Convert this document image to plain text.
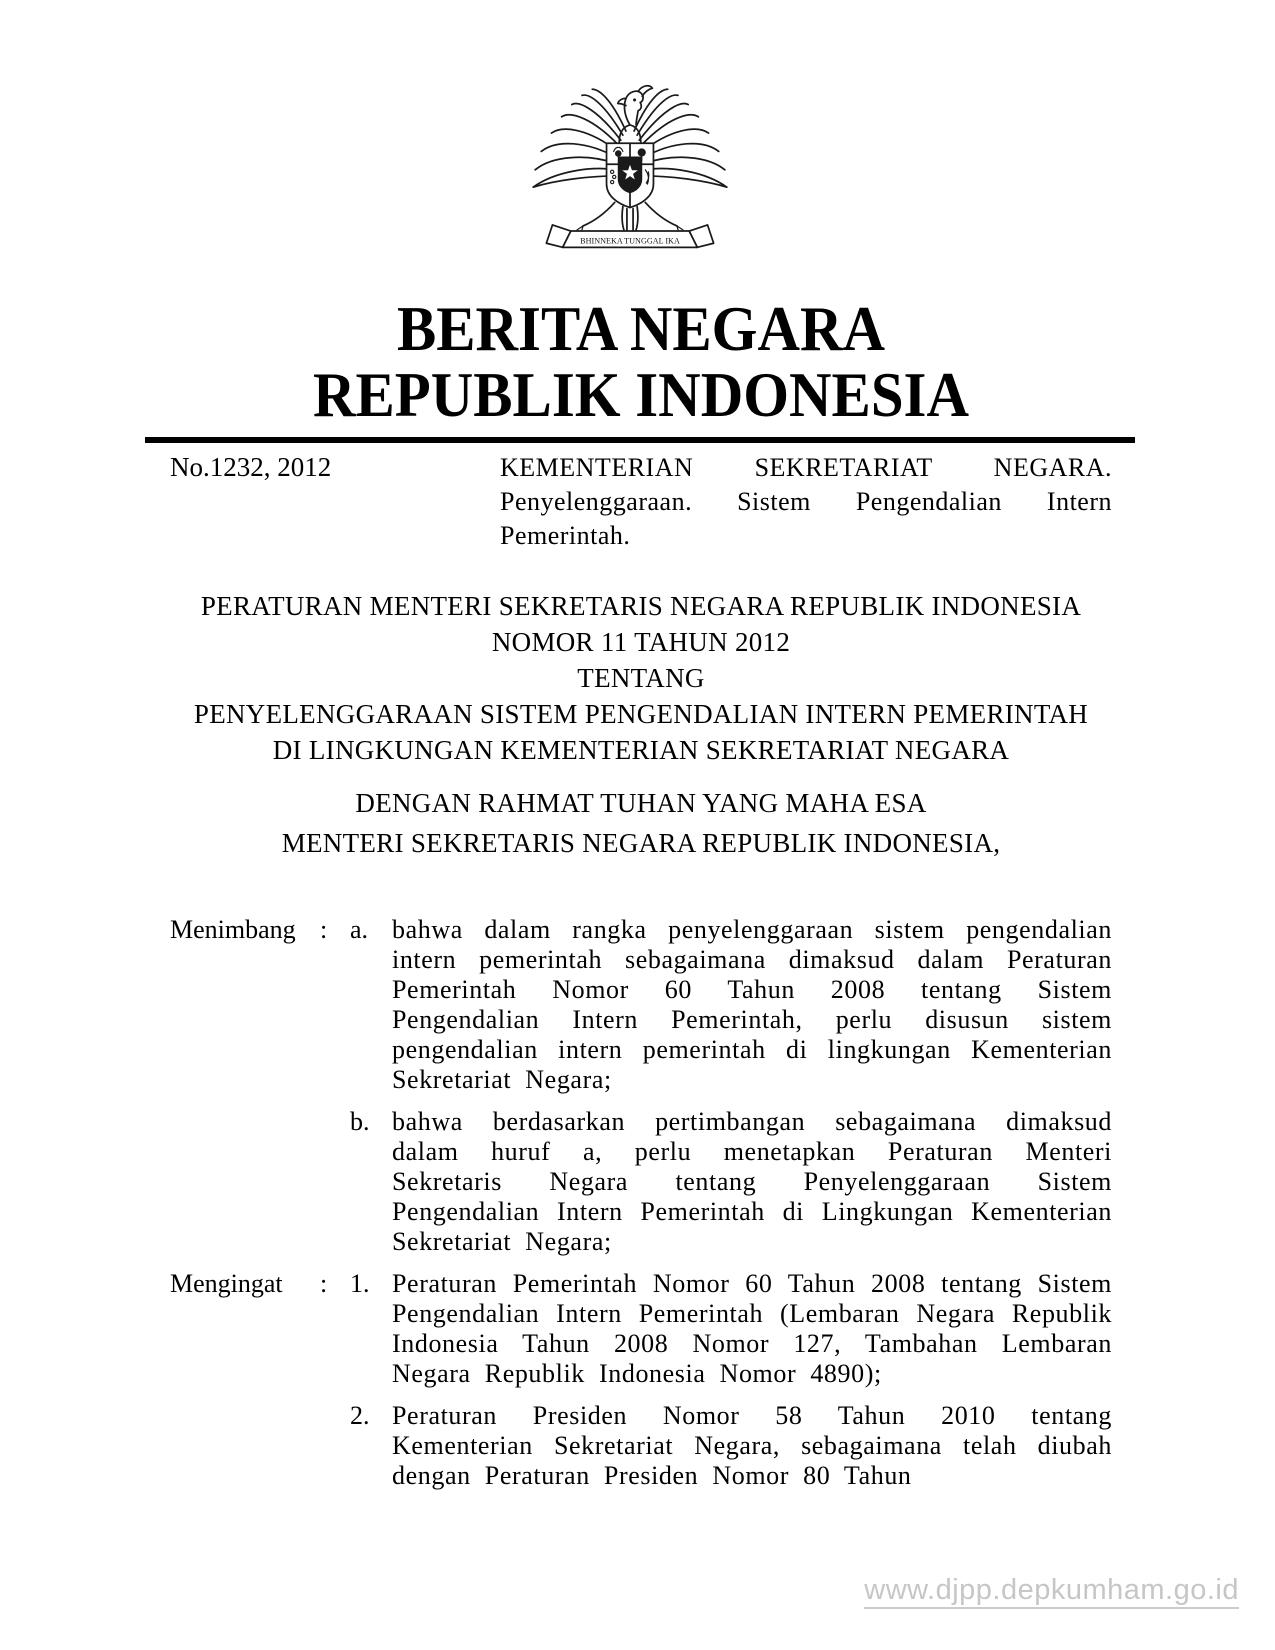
BHINNEKA TUNGGAL IKA
BERITA NEGARA
REPUBLIK INDONESIA
No.1232, 2012	KEMENTERIAN SEKRETARIAT NEGARA. Penyelenggaraan. Sistem Pengendalian Intern Pemerintah.
PERATURAN MENTERI SEKRETARIS NEGARA REPUBLIK INDONESIA
NOMOR 11 TAHUN 2012
TENTANG
PENYELENGGARAAN SISTEM PENGENDALIAN INTERN PEMERINTAH
DI LINGKUNGAN KEMENTERIAN SEKRETARIAT NEGARA
DENGAN RAHMAT TUHAN YANG MAHA ESA
MENTERI SEKRETARIS NEGARA REPUBLIK INDONESIA,
Menimbang : a. bahwa dalam rangka penyelenggaraan sistem pengendalian intern pemerintah sebagaimana dimaksud dalam Peraturan Pemerintah Nomor 60 Tahun 2008 tentang Sistem Pengendalian Intern Pemerintah, perlu disusun sistem pengendalian intern pemerintah di lingkungan Kementerian Sekretariat Negara;
b. bahwa berdasarkan pertimbangan sebagaimana dimaksud dalam huruf a, perlu menetapkan Peraturan Menteri Sekretaris Negara tentang Penyelenggaraan Sistem Pengendalian Intern Pemerintah di Lingkungan Kementerian Sekretariat Negara;
Mengingat	: 1. Peraturan Pemerintah Nomor 60 Tahun 2008 tentang Sistem Pengendalian Intern Pemerintah (Lembaran Negara Republik Indonesia Tahun 2008 Nomor 127, Tambahan Lembaran Negara Republik Indonesia Nomor 4890);
2. Peraturan Presiden Nomor 58 Tahun 2010 tentang Kementerian Sekretariat Negara, sebagaimana telah diubah dengan Peraturan Presiden Nomor 80 Tahun
www.djpp.depkumham.go.id
